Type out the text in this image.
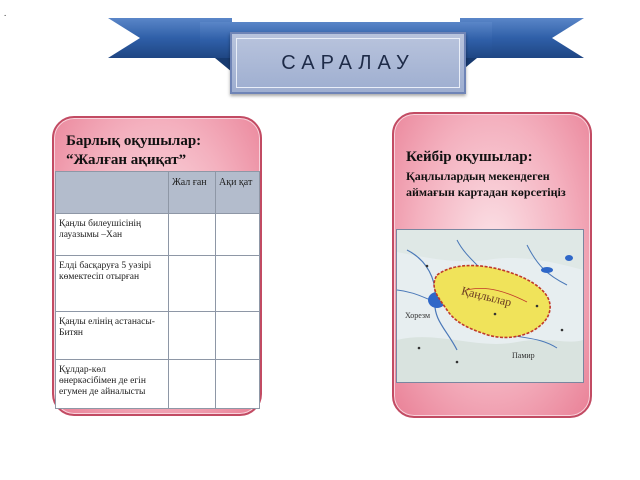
.
САРАЛАУ
Барлық оқушылар:
“Жалған ақиқат”

	Жал ған	Ақи қат

Қаңлы билеушісінің лауазымы –Хан		

Елді басқаруға 5 уәзірі көмектесіп отырған		

Қаңлы елінің астанасы-Битян		

Құлдар-көл өнеркәсібімен де егін егумен де айналысты		

Кейбір оқушылар:
Қаңлылардың мекендеген аймағын картадан көрсетіңіз
Қаңлылар
Хорезм
Памир
